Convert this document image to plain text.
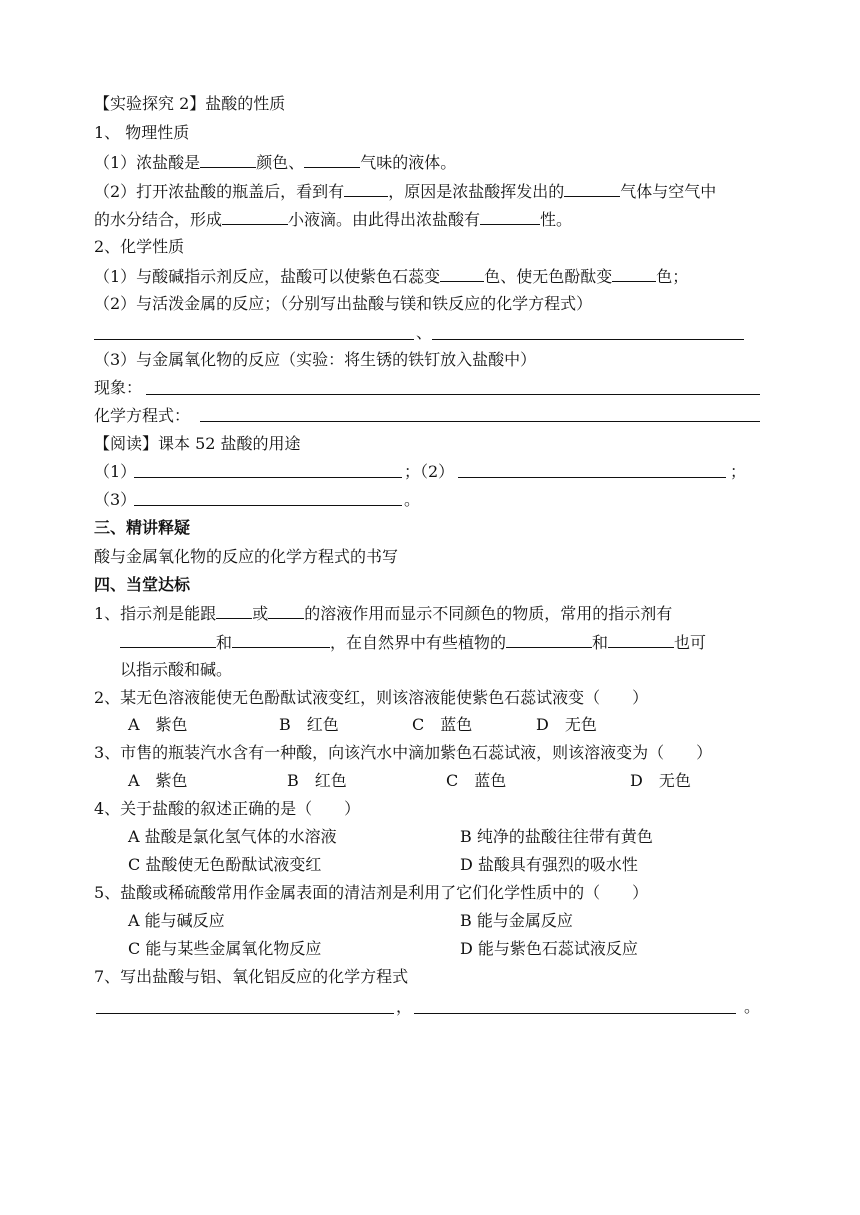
【实验探究 2】盐酸的性质
1、 物理性质
（1）浓盐酸是	颜色、	气味的液体。
（2）打开浓盐酸的瓶盖后，看到有	，原因是浓盐酸挥发出的	气体与空气中
的水分结合，形成	小液滴。由此得出浓盐酸有	性。
2、化学性质
（1）与酸碱指示剂反应，盐酸可以使紫色石蕊变	色、使无色酚酞变	色；
（2）与活泼金属的反应；（分别写出盐酸与镁和铁反应的化学方程式）
、
（3）与金属氧化物的反应（实验：将生锈的铁钉放入盐酸中）
现象：
化学方程式：
【阅读】课本 52 盐酸的用途
（1）	；（2）	；
（3）	。
三、精讲释疑
酸与金属氧化物的反应的化学方程式的书写
四、当堂达标
1、指示剂是能跟 或 的溶液作用而显示不同颜色的物质，常用的指示剂有
和	，在自然界中有些植物的	和	也可
以指示酸和碱。
2、某无色溶液能使无色酚酞试液变红，则该溶液能使紫色石蕊试液变（　　）
A　紫色	B　红色	C　蓝色	D　无色
3、市售的瓶装汽水含有一种酸，向该汽水中滴加紫色石蕊试液，则该溶液变为（　　）
A　紫色	B　红色	C　蓝色	D　无色
4、关于盐酸的叙述正确的是（　　）
A 盐酸是氯化氢气体的水溶液	B 纯净的盐酸往往带有黄色
C 盐酸使无色酚酞试液变红	D 盐酸具有强烈的吸水性
5、盐酸或稀硫酸常用作金属表面的清洁剂是利用了它们化学性质中的（　　）
A 能与碱反应	B 能与金属反应
C 能与某些金属氧化物反应	D 能与紫色石蕊试液反应
7、写出盐酸与铝、氧化铝反应的化学方程式
，	。
